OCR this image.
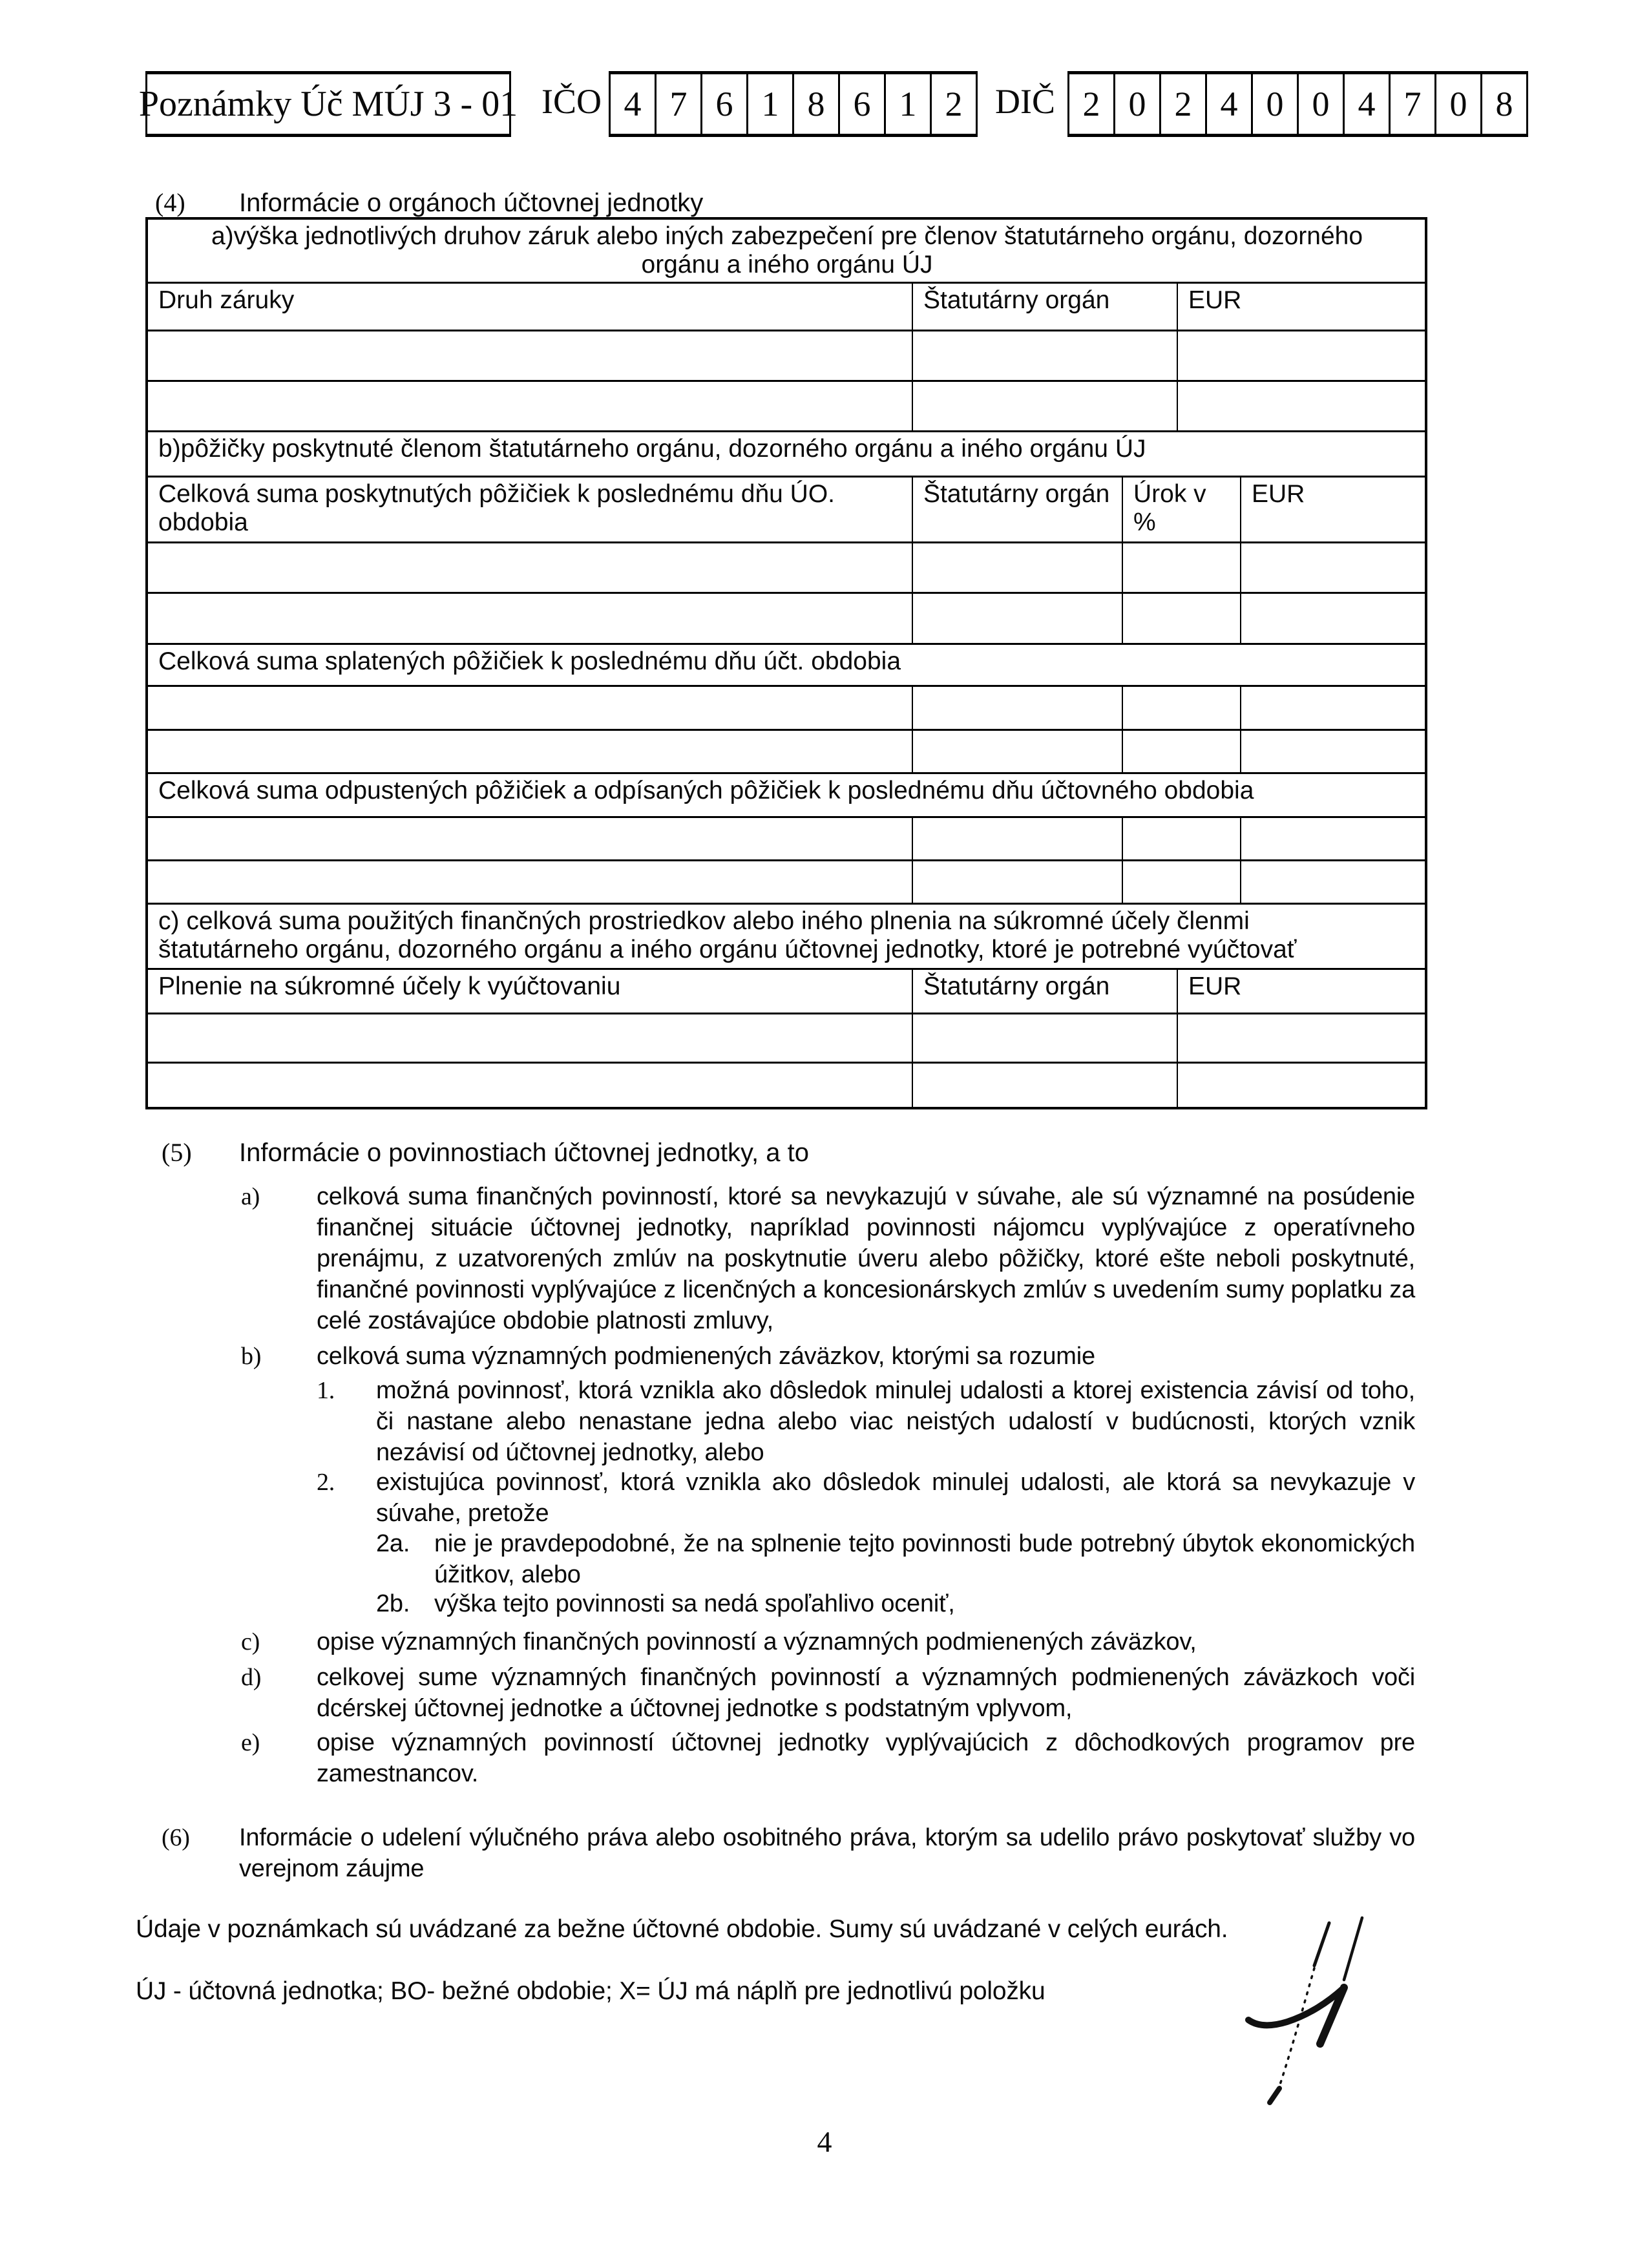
Poznámky Úč MÚJ 3 - 01 IČO 4 7 6 1 8 6 1 2 DIČ 2 0 2 4 0 0 4 7 0 8
(4) Informácie o orgánoch účtovnej jednotky
a)výška jednotlivých druhov záruk alebo iných zabezpečení pre členov štatutárneho orgánu, dozorného
orgánu a iného orgánu ÚJ				

Druh záruky	Štatutárny orgán		EUR	

b)pôžičky poskytnuté členom štatutárneho orgánu, dozorného orgánu a iného orgánu ÚJ				

Celková suma poskytnutých pôžičiek k poslednému dňu ÚO.
obdobia	Štatutárny orgán	Úrok v %		EUR

Celková suma splatených pôžičiek k poslednému dňu účt. obdobia				

Celková suma odpustených pôžičiek a odpísaných pôžičiek k poslednému dňu účtovného obdobia				

c) celková suma použitých finančných prostriedkov alebo iného plnenia na súkromné účely členmi
štatutárneho orgánu, dozorného orgánu a iného orgánu účtovnej jednotky, ktoré je potrebné vyúčtovať				

Plnenie na súkromné účely k vyúčtovaniu	Štatutárny orgán		EUR	

(5) Informácie o povinnostiach účtovnej jednotky, a to
a) celková suma finančných povinností, ktoré sa nevykazujú v súvahe, ale sú významné na posúdenie finančnej situácie účtovnej jednotky, napríklad povinnosti nájomcu vyplývajúce z operatívneho prenájmu, z uzatvorených zmlúv na poskytnutie úveru alebo pôžičky, ktoré ešte neboli poskytnuté, finančné povinnosti vyplývajúce z licenčných a koncesionárskych zmlúv s uvedením sumy poplatku za celé zostávajúce obdobie platnosti zmluvy,
b) celková suma významných podmienených záväzkov, ktorými sa rozumie
1. možná povinnosť, ktorá vznikla ako dôsledok minulej udalosti a ktorej existencia závisí od toho, či nastane alebo nenastane jedna alebo viac neistých udalostí v budúcnosti, ktorých vznik nezávisí od účtovnej jednotky, alebo
2. existujúca povinnosť, ktorá vznikla ako dôsledok minulej udalosti, ale ktorá sa nevykazuje v súvahe, pretože
2a. nie je pravdepodobné, že na splnenie tejto povinnosti bude potrebný úbytok ekonomických úžitkov, alebo
2b. výška tejto povinnosti sa nedá spoľahlivo oceniť,
c) opise významných finančných povinností a významných podmienených záväzkov,
d) celkovej sume významných finančných povinností a významných podmienených záväzkoch voči dcérskej účtovnej jednotke a účtovnej jednotke s podstatným vplyvom,
e) opise významných povinností účtovnej jednotky vyplývajúcich z dôchodkových programov pre zamestnancov.
(6) Informácie o udelení výlučného práva alebo osobitného práva, ktorým sa udelilo právo poskytovať služby vo verejnom záujme
Údaje v poznámkach sú uvádzané za bežne účtovné obdobie. Sumy sú uvádzané v celých eurách.
ÚJ - účtovná jednotka; BO- bežné obdobie; X= ÚJ má náplň pre jednotlivú položku
4
